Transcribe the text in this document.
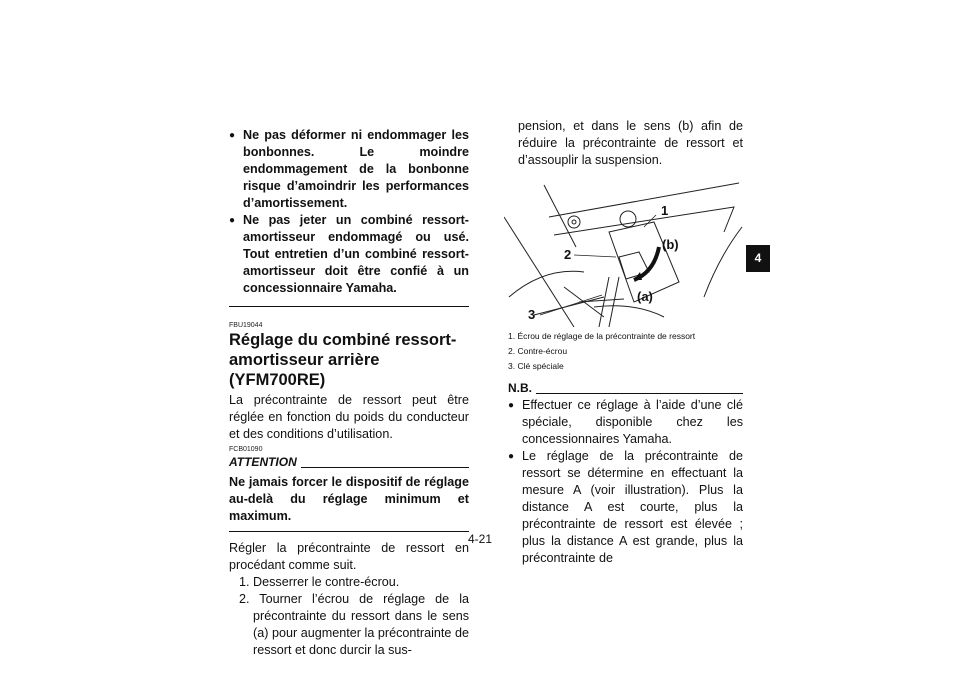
● Ne pas déformer ni endommager les bonbonnes. Le moindre endommagement de la bonbonne risque d’amoindrir les performances d’amortissement.
● Ne pas jeter un combiné ressort-amortisseur endommagé ou usé. Tout entretien d’un combiné ressort-amortisseur doit être confié à un concessionnaire Yamaha.
FBU19044
Réglage du combiné ressort-amortisseur arrière (YFM700RE)
La précontrainte de ressort peut être réglée en fonction du poids du conducteur et des conditions d’utilisation.
FCB01090
ATTENTION
Ne jamais forcer le dispositif de réglage au-delà du réglage minimum et maximum.
Régler la précontrainte de ressort en procédant comme suit.
1. Desserrer le contre-écrou.
2. Tourner l’écrou de réglage de la précontrainte du ressort dans le sens (a) pour augmenter la précontrainte de ressort et donc durcir la sus-
pension, et dans le sens (b) afin de réduire la précontrainte de ressort et d’assouplir la suspension.
1
2
3
(a)
(b)
1. Écrou de réglage de la précontrainte de ressort
2. Contre-écrou
3. Clé spéciale
N.B.
● Effectuer ce réglage à l’aide d’une clé spéciale, disponible chez les concessionnaires Yamaha.
● Le réglage de la précontrainte de ressort se détermine en effectuant la mesure A (voir illustration). Plus la distance A est courte, plus la précontrainte de ressort est élevée ; plus la distance A est grande, plus la précontrainte de
4
4-21
